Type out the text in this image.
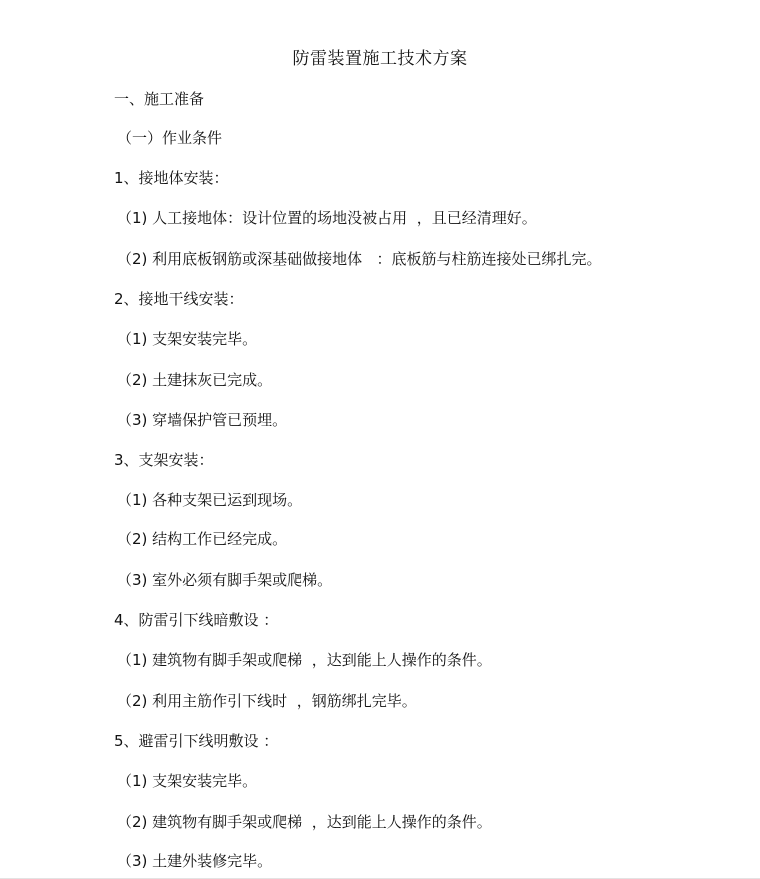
防雷装置施工技术方案
一、施工准备
（一）作业条件
1、接地体安装：
（1) 人工接地体：设计位置的场地没被占用  ，且已经清理好。
（2) 利用底板钢筋或深基础做接地体   ：底板筋与柱筋连接处已绑扎完。
2、接地干线安装：
（1) 支架安装完毕。
（2) 土建抹灰已完成。
（3) 穿墙保护管已预埋。
3、支架安装：
（1) 各种支架已运到现场。
（2) 结构工作已经完成。
（3) 室外必须有脚手架或爬梯。
4、防雷引下线暗敷设 ：
（1) 建筑物有脚手架或爬梯  ，达到能上人操作的条件。
（2) 利用主筋作引下线时  ，钢筋绑扎完毕。
5、避雷引下线明敷设 ：
（1) 支架安装完毕。
（2) 建筑物有脚手架或爬梯  ，达到能上人操作的条件。
（3) 土建外装修完毕。
